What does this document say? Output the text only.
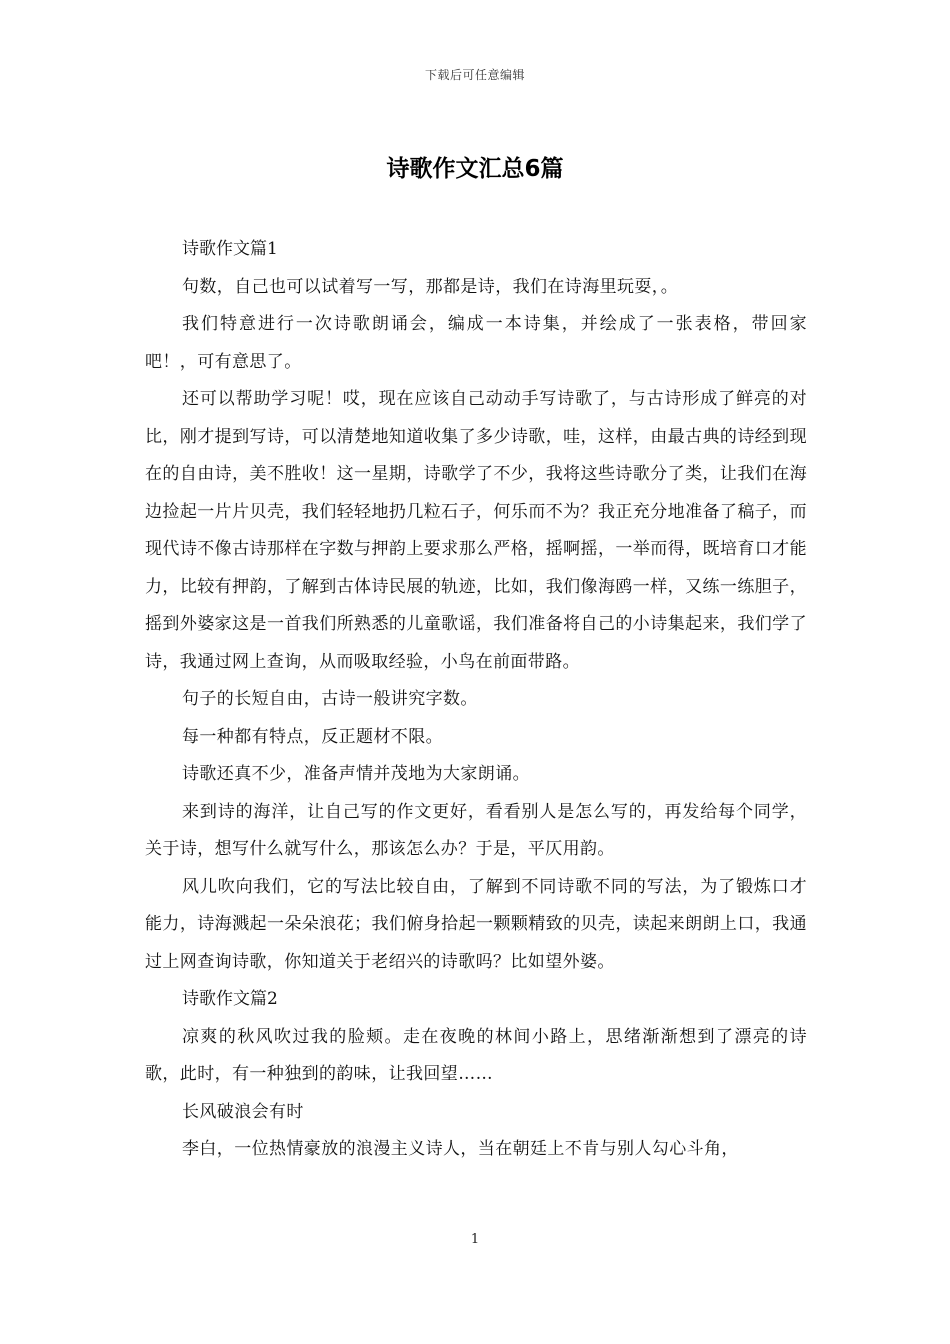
下载后可任意编辑
诗歌作文汇总6篇

诗歌作文篇1

句数，自己也可以试着写一写，那都是诗，我们在诗海里玩耍，。

我们特意进行一次诗歌朗诵会，编成一本诗集，并绘成了一张表格，带回家吧！，可有意思了。

还可以帮助学习呢！哎，现在应该自己动动手写诗歌了，与古诗形成了鲜亮的对比，刚才提到写诗，可以清楚地知道收集了多少诗歌，哇，这样，由最古典的诗经到现在的自由诗，美不胜收！这一星期，诗歌学了不少，我将这些诗歌分了类，让我们在海边捡起一片片贝壳，我们轻轻地扔几粒石子，何乐而不为？我正充分地准备了稿子，而现代诗不像古诗那样在字数与押韵上要求那么严格，摇啊摇，一举而得，既培育口才能力，比较有押韵，了解到古体诗民展的轨迹，比如，我们像海鸥一样，又练一练胆子，摇到外婆家这是一首我们所熟悉的儿童歌谣，我们准备将自己的小诗集起来，我们学了诗，我通过网上查询，从而吸取经验，小鸟在前面带路。

句子的长短自由，古诗一般讲究字数。

每一种都有特点，反正题材不限。

诗歌还真不少，准备声情并茂地为大家朗诵。

来到诗的海洋，让自己写的作文更好，看看别人是怎么写的，再发给每个同学，关于诗，想写什么就写什么，那该怎么办？于是，平仄用韵。

风儿吹向我们，它的写法比较自由，了解到不同诗歌不同的写法，为了锻炼口才能力，诗海溅起一朵朵浪花；我们俯身拾起一颗颗精致的贝壳，读起来朗朗上口，我通过上网查询诗歌，你知道关于老绍兴的诗歌吗？比如望外婆。

诗歌作文篇2

凉爽的秋风吹过我的脸颊。走在夜晚的林间小路上，思绪渐渐想到了漂亮的诗歌，此时，有一种独到的韵味，让我回望……

长风破浪会有时

李白，一位热情豪放的浪漫主义诗人，当在朝廷上不肯与别人勾心斗角，

1
